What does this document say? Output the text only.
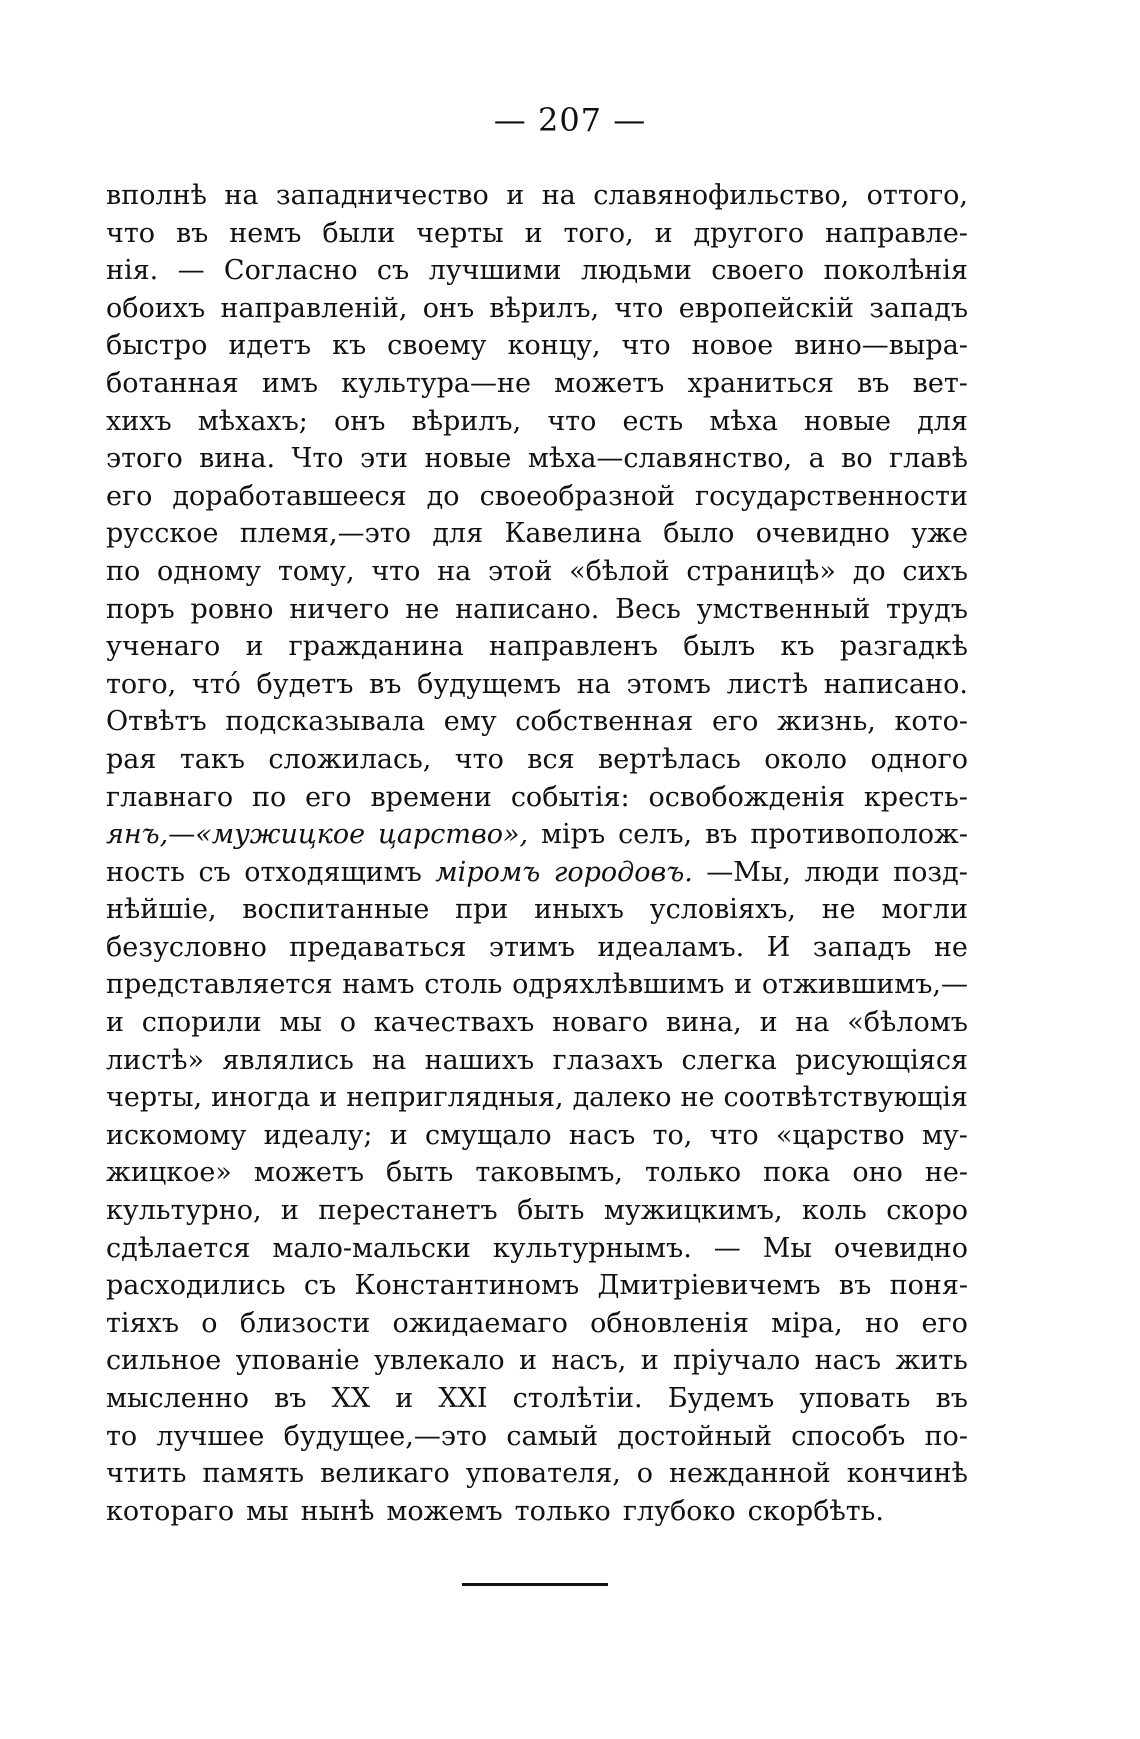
— 207 —
вполнѣ на западничество и на славянофильство, оттого,
что въ немъ были черты и того, и другого направле-
нія. — Согласно съ лучшими людьми своего поколѣнія
обоихъ направленій, онъ вѣрилъ, что европейскій западъ
быстро идетъ къ своему концу, что новое вино—выра-
ботанная имъ культура—не можетъ храниться въ вет-
хихъ мѣхахъ; онъ вѣрилъ, что есть мѣха новые для
этого вина. Что эти новые мѣха—славянство, а во главѣ
его доработавшееся до своеобразной государственности
русское племя,—это для Кавелина было очевидно уже
по одному тому, что на этой «бѣлой страницѣ» до сихъ
поръ ровно ничего не написано. Весь умственный трудъ
ученаго и гражданина направленъ былъ къ разгадкѣ
того, что́ будетъ въ будущемъ на этомъ листѣ написано.
Отвѣтъ подсказывала ему собственная его жизнь, кото-
рая такъ сложилась, что вся вертѣлась около одного
главнаго по его времени событія: освобожденія кресть-
янъ,—«мужицкое царство», міръ селъ, въ противополож-
ность съ отходящимъ міромъ городовъ. —Мы, люди позд-
нѣйшіе, воспитанные при иныхъ условіяхъ, не могли
безусловно предаваться этимъ идеаламъ. И западъ не
представляется намъ столь одряхлѣвшимъ и отжившимъ,—
и спорили мы о качествахъ новаго вина, и на «бѣломъ
листѣ» являлись на нашихъ глазахъ слегка рисующіяся
черты, иногда и неприглядныя, далеко не соотвѣтствующія
искомому идеалу; и смущало насъ то, что «царство му-
жицкое» можетъ быть таковымъ, только пока оно не-
культурно, и перестанетъ быть мужицкимъ, коль скоро
сдѣлается мало-мальски культурнымъ. — Мы очевидно
расходились съ Константиномъ Дмитріевичемъ въ поня-
тіяхъ о близости ожидаемаго обновленія міра, но его
сильное упованіе увлекало и насъ, и пріучало насъ жить
мысленно въ XX и XXI столѣтіи. Будемъ уповать въ
то лучшее будущее,—это самый достойный способъ по-
чтить память великаго упователя, о нежданной кончинѣ
котораго мы нынѣ можемъ только глубоко скорбѣть.
